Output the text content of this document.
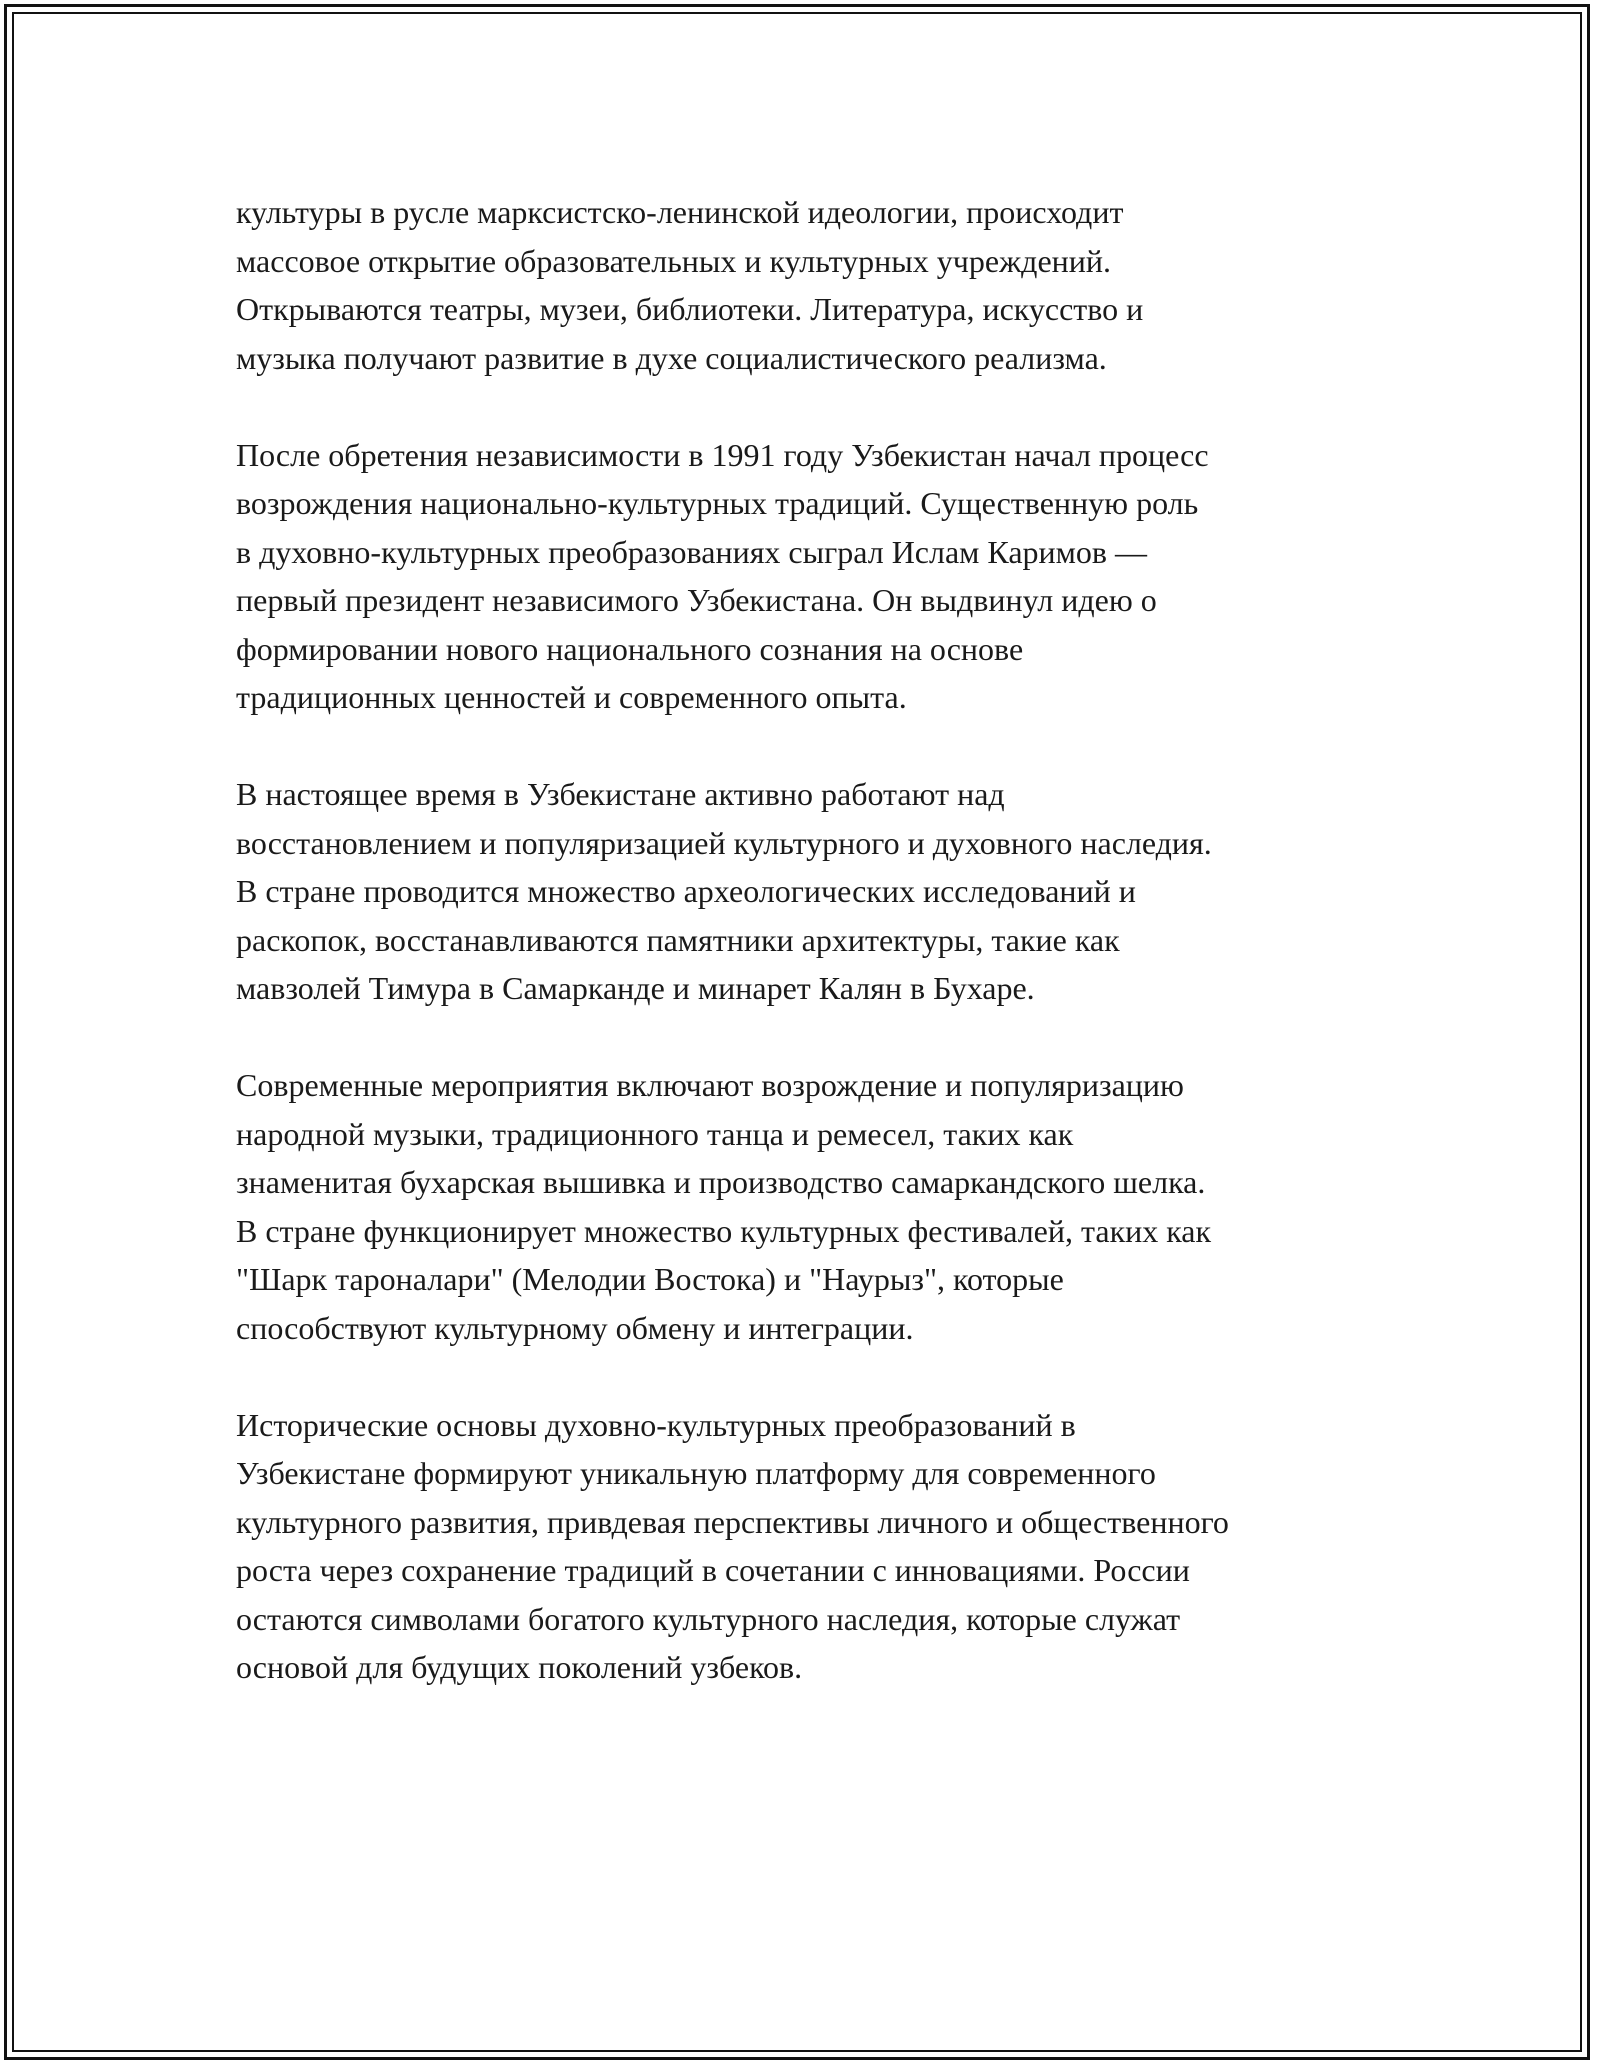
культуры в русле марксистско-ленинской идеологии, происходит
массовое открытие образовательных и культурных учреждений.
Открываются театры, музеи, библиотеки. Литература, искусство и
музыка получают развитие в духе социалистического реализма.

После обретения независимости в 1991 году Узбекистан начал процесс
возрождения национально-культурных традиций. Существенную роль
в духовно-культурных преобразованиях сыграл Ислам Каримов —
первый президент независимого Узбекистана. Он выдвинул идею о
формировании нового национального сознания на основе
традиционных ценностей и современного опыта.

В настоящее время в Узбекистане активно работают над
восстановлением и популяризацией культурного и духовного наследия.
В стране проводится множество археологических исследований и
раскопок, восстанавливаются памятники архитектуры, такие как
мавзолей Тимура в Самарканде и минарет Калян в Бухаре.

Современные мероприятия включают возрождение и популяризацию
народной музыки, традиционного танца и ремесел, таких как
знаменитая бухарская вышивка и производство самаркандского шелка.
В стране функционирует множество культурных фестивалей, таких как
"Шарк тароналари" (Мелодии Востока) и "Наурыз", которые
способствуют культурному обмену и интеграции.

Исторические основы духовно-культурных преобразований в
Узбекистане формируют уникальную платформу для современного
культурного развития, привдевая перспективы личного и общественного
роста через сохранение традиций в сочетании с инновациями. России
остаются символами богатого культурного наследия, которые служат
основой для будущих поколений узбеков.
